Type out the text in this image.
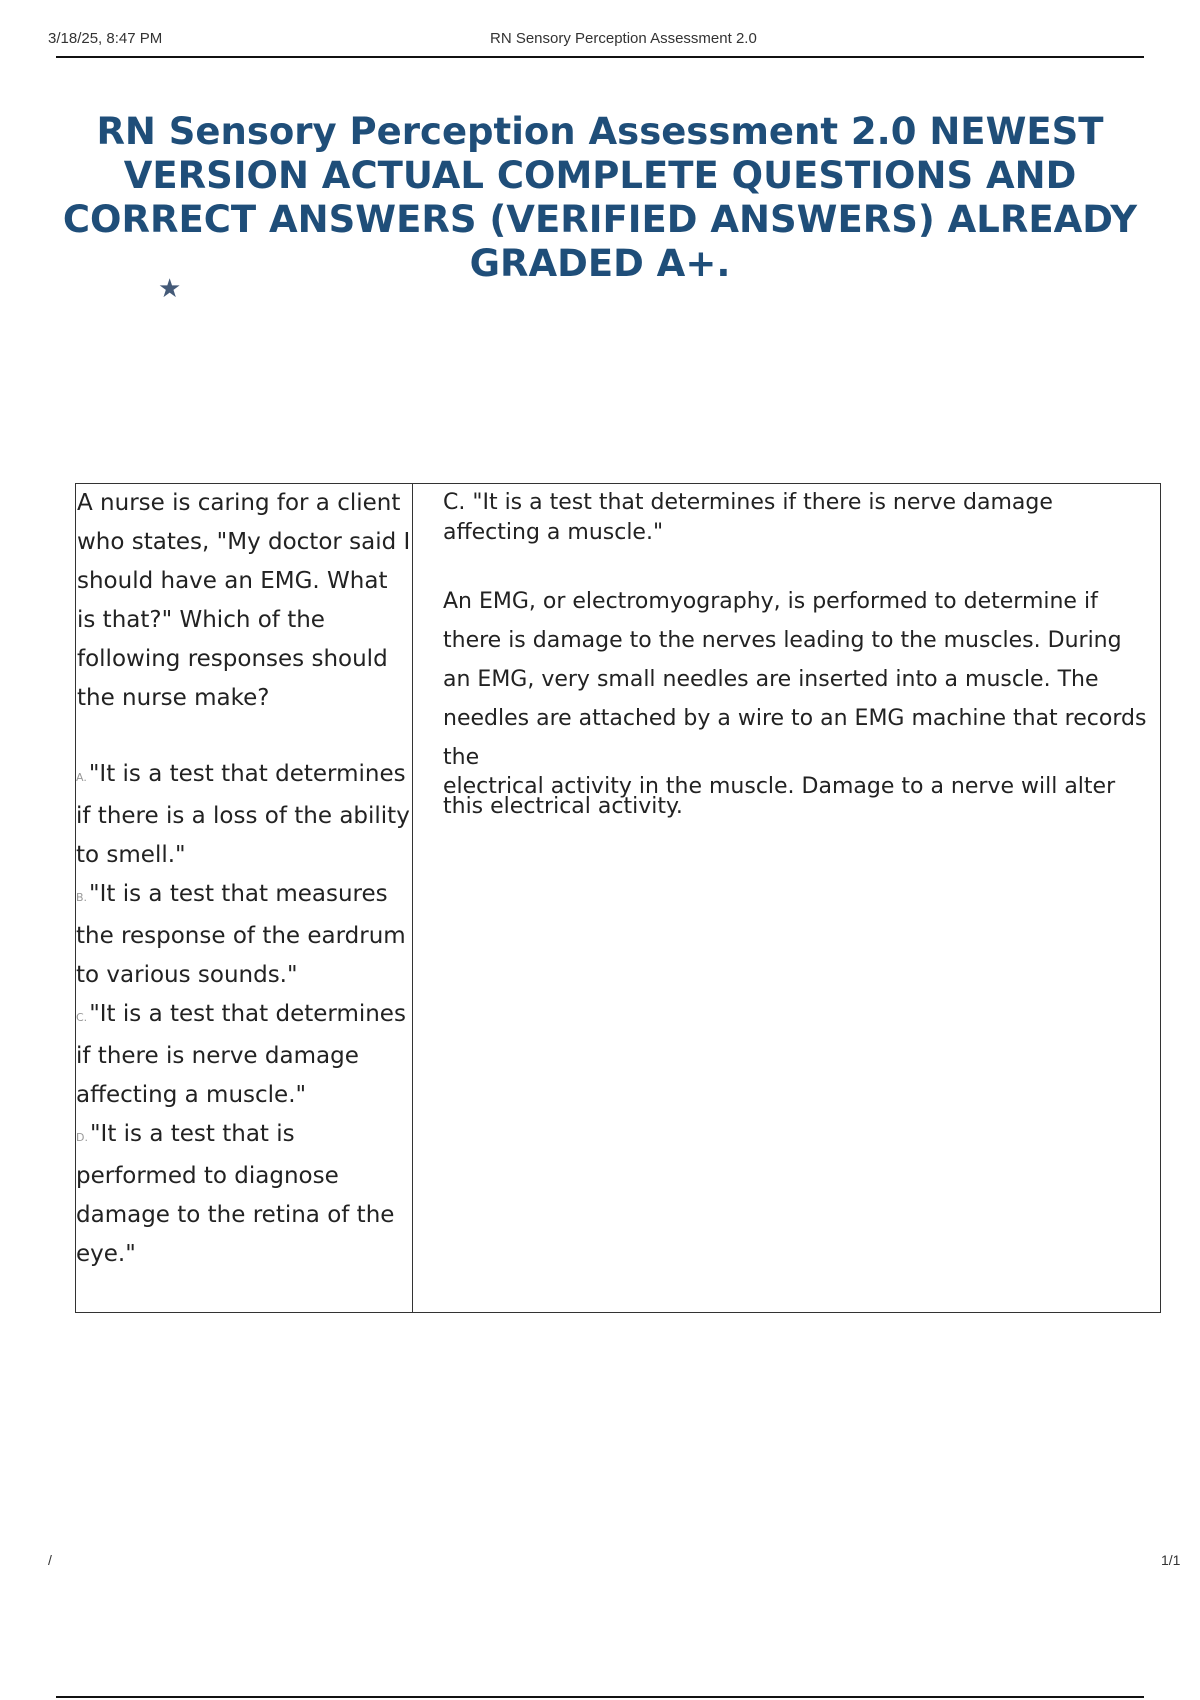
3/18/25, 8:47 PM	RN Sensory Perception Assessment 2.0
RN Sensory Perception Assessment 2.0 NEWEST VERSION ACTUAL COMPLETE QUESTIONS AND CORRECT ANSWERS (VERIFIED ANSWERS) ALREADY GRADED A+.
★
A nurse is caring for a client who states, "My doctor said I should have an EMG. What is that?" Which of the following responses should the nurse make?
A."It is a test that determines if there is a loss of the ability to smell."
B."It is a test that measures the response of the eardrum to various sounds."
C."It is a test that determines if there is nerve damage affecting a muscle."
D."It is a test that is performed to diagnose damage to the retina of the eye."

C. "It is a test that determines if there is nerve damage affecting a muscle."
An EMG, or electromyography, is performed to determine if there is damage to the nerves leading to the muscles. During an EMG, very small needles are inserted into a muscle. The needles are attached by a wire to an EMG machine that records the
electrical activity in the muscle. Damage to a nerve will alter this electrical activity.
/	1/1
